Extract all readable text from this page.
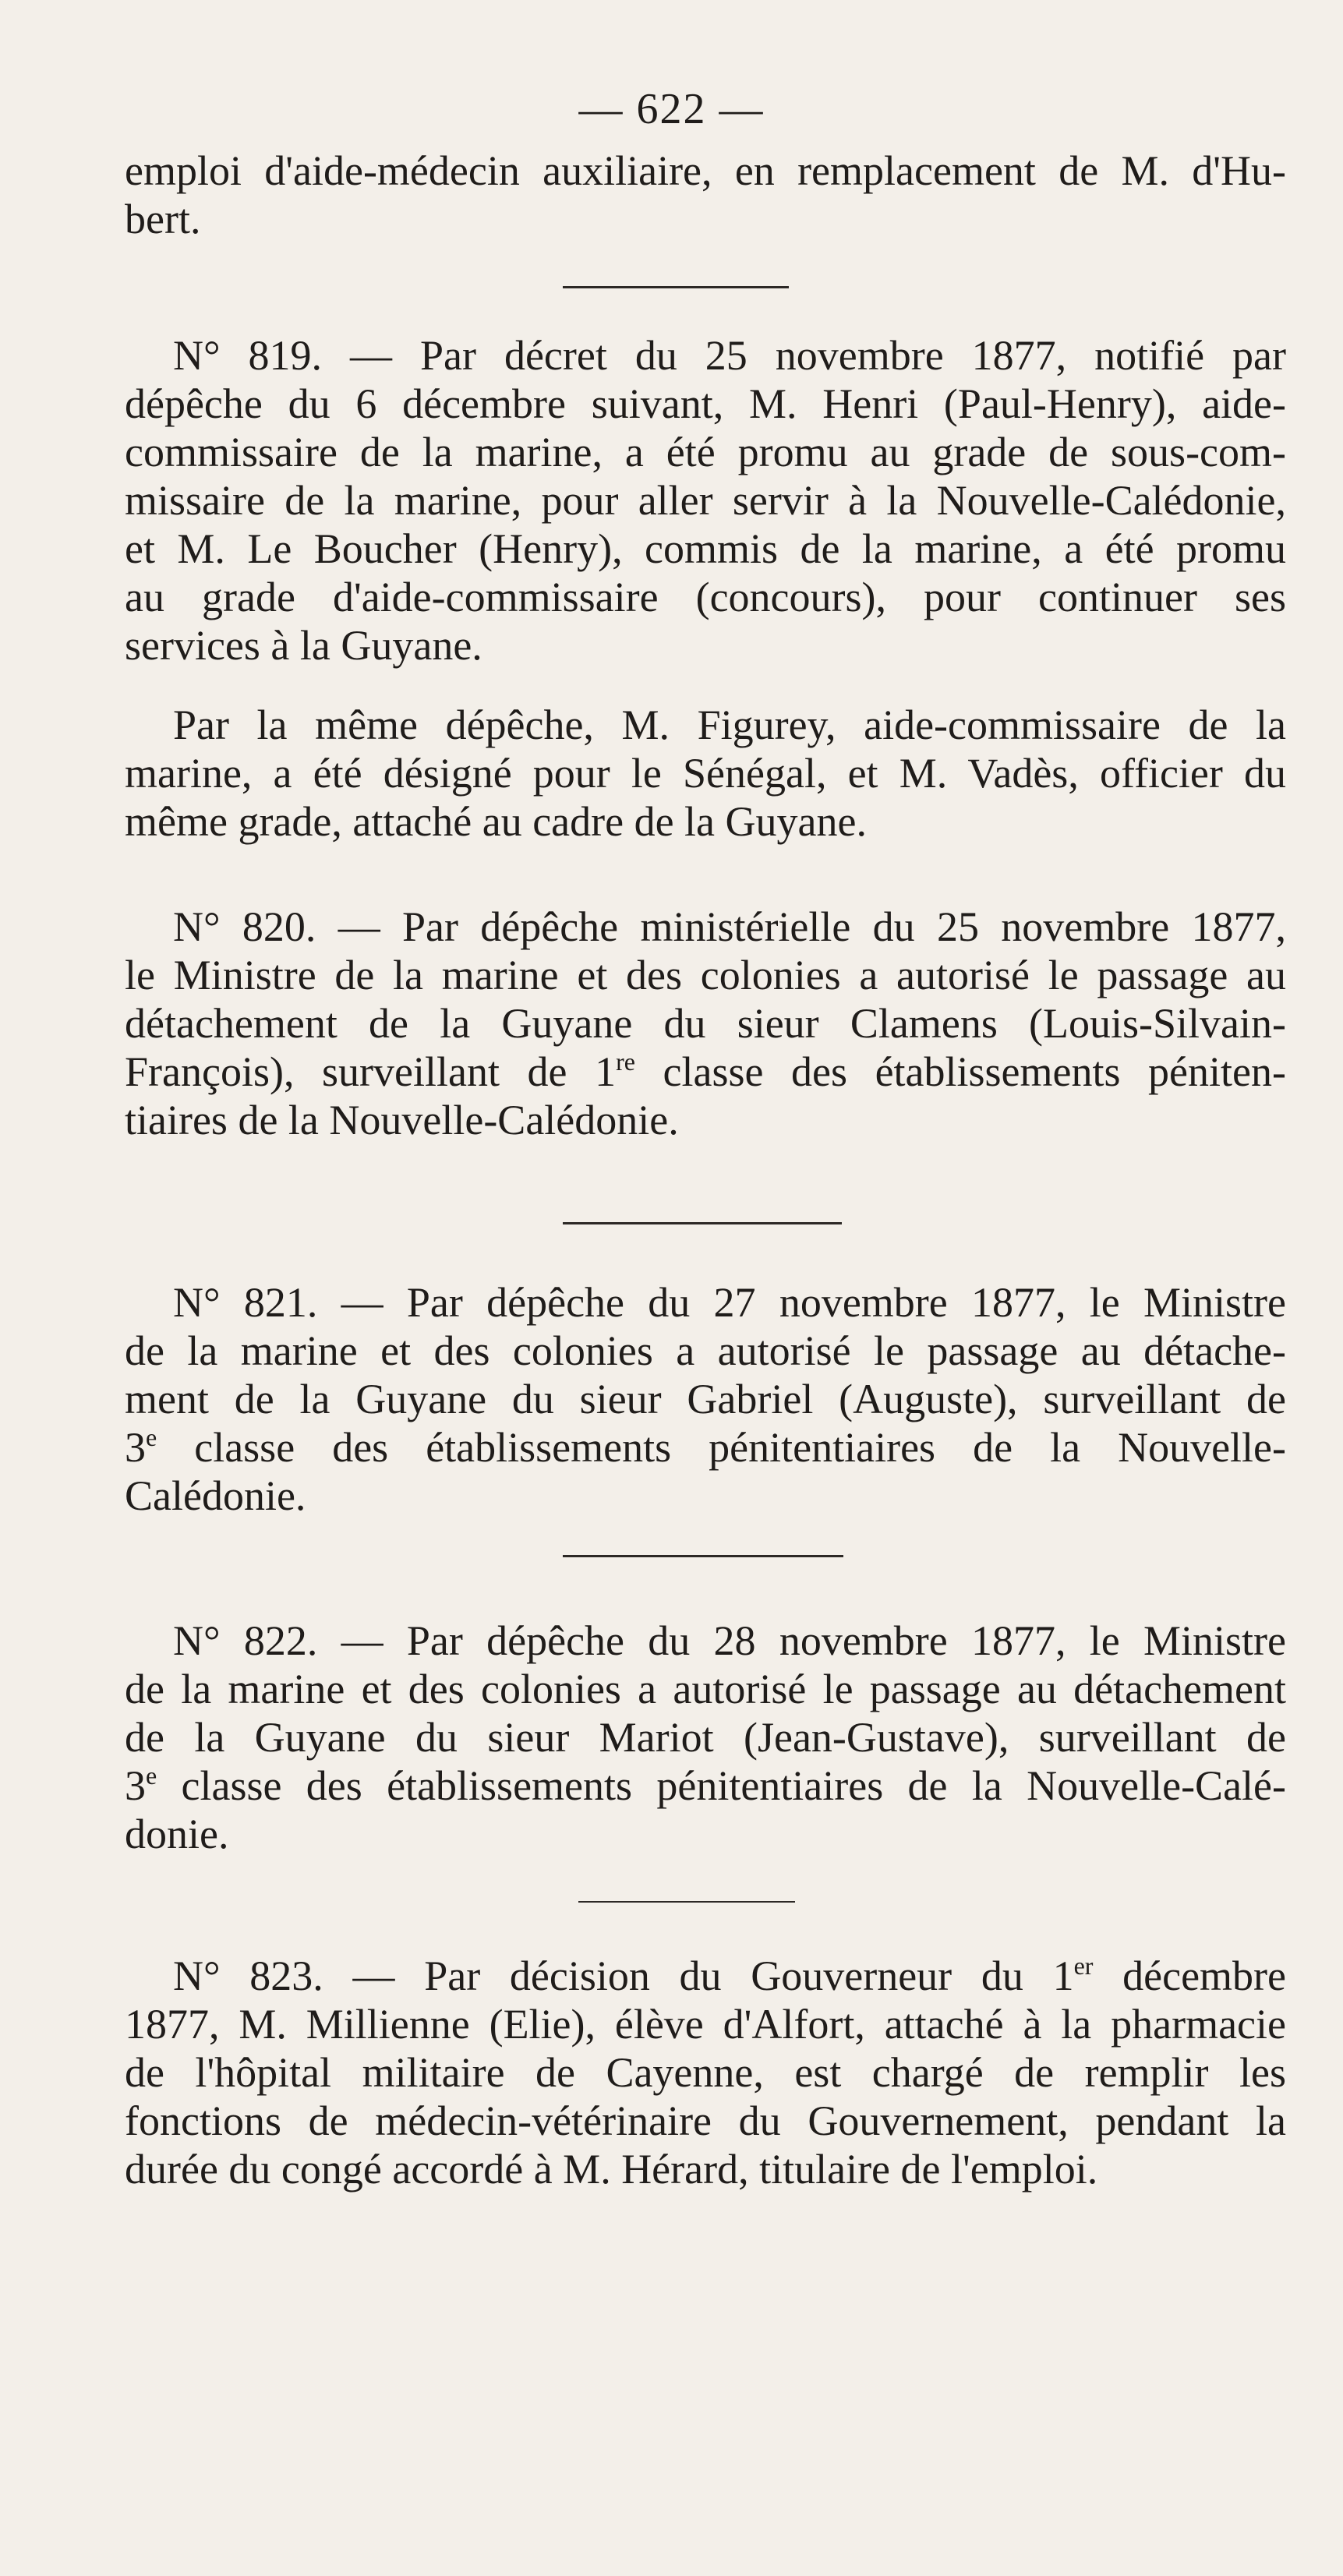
— 622 —
emploi d'aide-médecin auxiliaire, en remplacement de M. d'Hu-
bert.
N° 819. — Par décret du 25 novembre 1877, notifié par
dépêche du 6 décembre suivant, M. Henri (Paul-Henry), aide-
commissaire de la marine, a été promu au grade de sous-com-
missaire de la marine, pour aller servir à la Nouvelle-Calédonie,
et M. Le Boucher (Henry), commis de la marine, a été promu
au grade d'aide-commissaire (concours), pour continuer ses
services à la Guyane.
Par la même dépêche, M. Figurey, aide-commissaire de la
marine, a été désigné pour le Sénégal, et M. Vadès, officier du
même grade, attaché au cadre de la Guyane.
N° 820. — Par dépêche ministérielle du 25 novembre 1877,
le Ministre de la marine et des colonies a autorisé le passage au
détachement de la Guyane du sieur Clamens (Louis-Silvain-
François), surveillant de 1re classe des établissements péniten-
tiaires de la Nouvelle-Calédonie.
N° 821. — Par dépêche du 27 novembre 1877, le Ministre
de la marine et des colonies a autorisé le passage au détache-
ment de la Guyane du sieur Gabriel (Auguste), surveillant de
3e classe des établissements pénitentiaires de la Nouvelle-
Calédonie.
N° 822. — Par dépêche du 28 novembre 1877, le Ministre
de la marine et des colonies a autorisé le passage au détachement
de la Guyane du sieur Mariot (Jean-Gustave), surveillant de
3e classe des établissements pénitentiaires de la Nouvelle-Calé-
donie.
N° 823. — Par décision du Gouverneur du 1er décembre
1877, M. Millienne (Elie), élève d'Alfort, attaché à la pharmacie
de l'hôpital militaire de Cayenne, est chargé de remplir les
fonctions de médecin-vétérinaire du Gouvernement, pendant la
durée du congé accordé à M. Hérard, titulaire de l'emploi.
